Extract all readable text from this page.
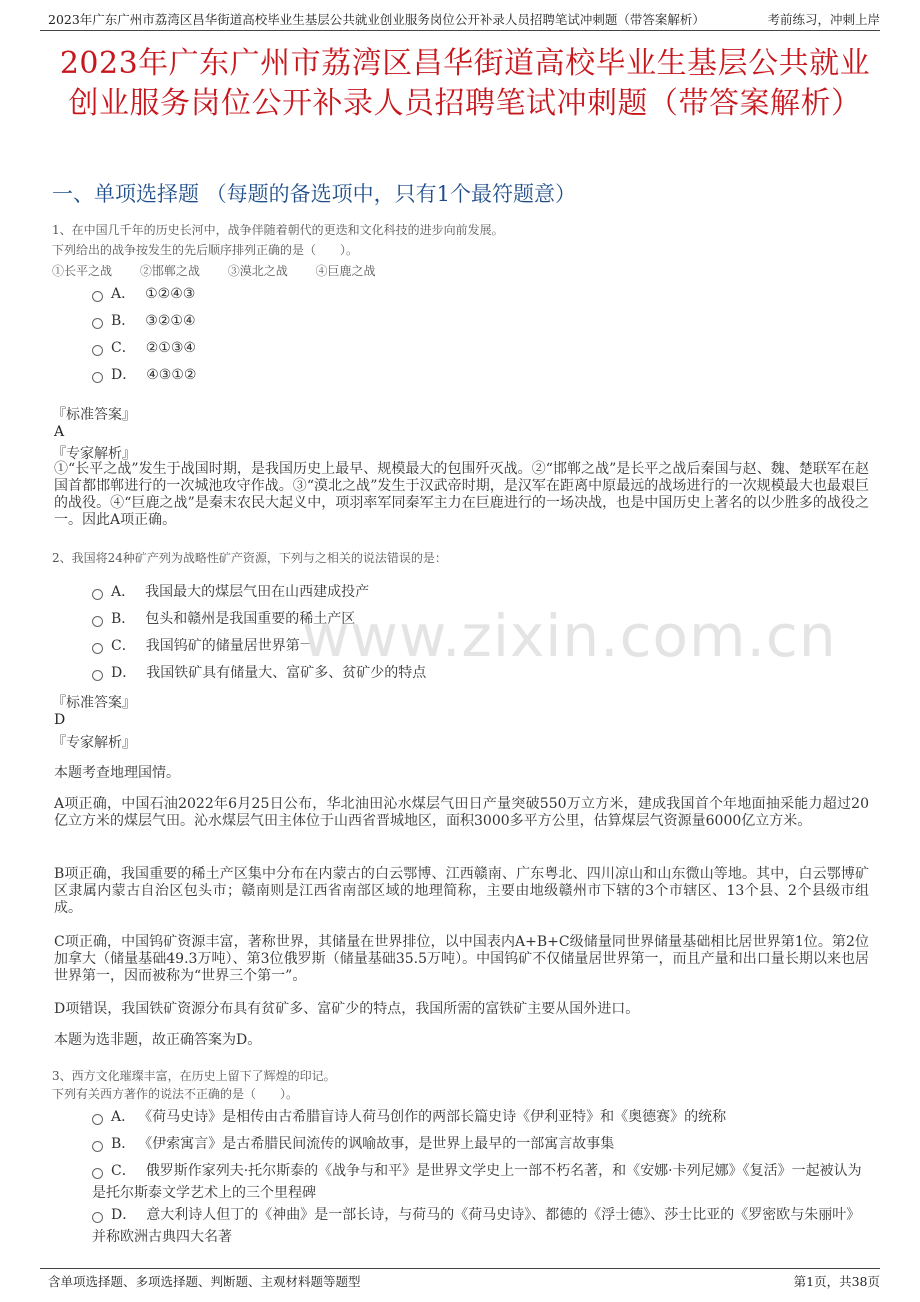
2023年广东广州市荔湾区昌华街道高校毕业生基层公共就业创业服务岗位公开补录人员招聘笔试冲刺题（带答案解析）	考前练习，冲刺上岸
2023年广东广州市荔湾区昌华街道高校毕业生基层公共就业创业服务岗位公开补录人员招聘笔试冲刺题（带答案解析）
一、单项选择题 （每题的备选项中，只有1个最符题意）
1、在中国几千年的历史长河中，战争伴随着朝代的更迭和文化科技的进步向前发展。
下列给出的战争按发生的先后顺序排列正确的是（　　）。
①长平之战 ②邯郸之战 ③漠北之战 ④巨鹿之战
A． ①②④③
B． ③②①④
C． ②①③④
D． ④③①②
『标准答案』
A
『专家解析』
①“长平之战”发生于战国时期，是我国历史上最早、规模最大的包围歼灭战。②“邯郸之战”是长平之战后秦国与赵、魏、楚联军在赵国首都邯郸进行的一次城池攻守作战。③“漠北之战”发生于汉武帝时期，是汉军在距离中原最远的战场进行的一次规模最大也最艰巨的战役。④“巨鹿之战”是秦末农民大起义中，项羽率军同秦军主力在巨鹿进行的一场决战，也是中国历史上著名的以少胜多的战役之一。因此A项正确。
2、我国将24种矿产列为战略性矿产资源，下列与之相关的说法错误的是：
A． 我国最大的煤层气田在山西建成投产
B． 包头和赣州是我国重要的稀土产区
C． 我国钨矿的储量居世界第一
D． 我国铁矿具有储量大、富矿多、贫矿少的特点
www.zixin.com.cn
『标准答案』
D
『专家解析』
本题考查地理国情。
A项正确，中国石油2022年6月25日公布，华北油田沁水煤层气田日产量突破550万立方米，建成我国首个年地面抽采能力超过20亿立方米的煤层气田。沁水煤层气田主体位于山西省晋城地区，面积3000多平方公里，估算煤层气资源量6000亿立方米。
B项正确，我国重要的稀土产区集中分布在内蒙古的白云鄂博、江西赣南、广东粤北、四川凉山和山东微山等地。其中，白云鄂博矿区隶属内蒙古自治区包头市；赣南则是江西省南部区域的地理简称，主要由地级赣州市下辖的3个市辖区、13个县、2个县级市组成。
C项正确，中国钨矿资源丰富，著称世界，其储量在世界排位，以中国表内A+B+C级储量同世界储量基础相比居世界第1位。第2位加拿大（储量基础49.3万吨）、第3位俄罗斯（储量基础35.5万吨）。中国钨矿不仅储量居世界第一，而且产量和出口量长期以来也居世界第一，因而被称为“世界三个第一”。
D项错误，我国铁矿资源分布具有贫矿多、富矿少的特点，我国所需的富铁矿主要从国外进口。
本题为选非题，故正确答案为D。
3、西方文化璀璨丰富，在历史上留下了辉煌的印记。
下列有关西方著作的说法不正确的是（　　）。
A． 《荷马史诗》是相传由古希腊盲诗人荷马创作的两部长篇史诗《伊利亚特》和《奥德赛》的统称
B． 《伊索寓言》是古希腊民间流传的讽喻故事，是世界上最早的一部寓言故事集
C． 俄罗斯作家列夫·托尔斯泰的《战争与和平》是世界文学史上一部不朽名著，和《安娜·卡列尼娜》《复活》一起被认为是托尔斯泰文学艺术上的三个里程碑
D． 意大利诗人但丁的《神曲》是一部长诗，与荷马的《荷马史诗》、都德的《浮士德》、莎士比亚的《罗密欧与朱丽叶》并称欧洲古典四大名著
含单项选择题、多项选择题、判断题、主观材料题等题型	第1页，共38页
